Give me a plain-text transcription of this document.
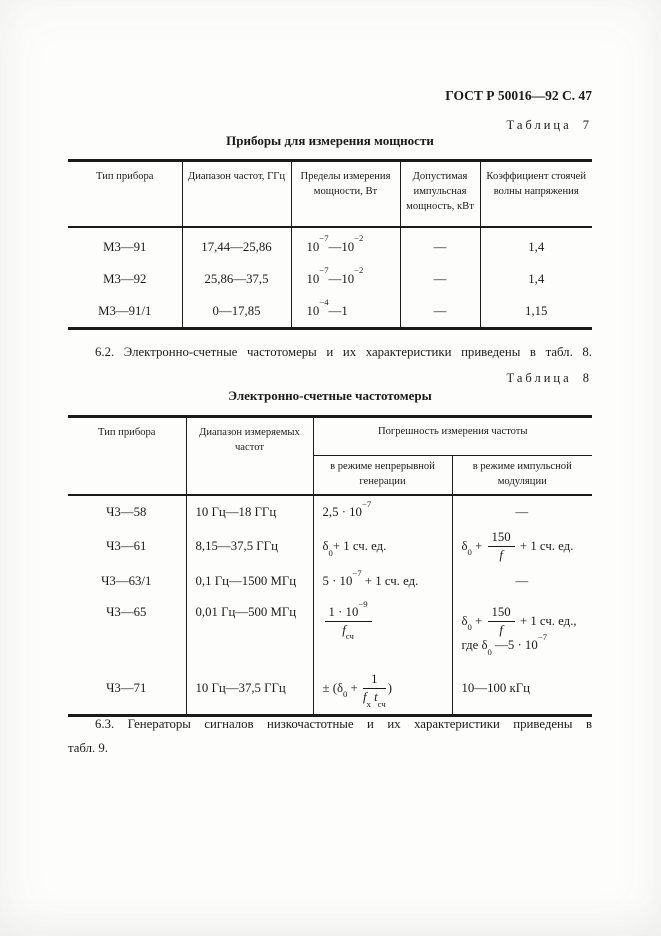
ГОСТ Р 50016—92 С. 47
Таблица 7
Приборы для измерения мощности
Тип прибора	Диапазон частот, ГГц	Пределы измерения мощности, Вт	Допустимая импульсная мощность, кВт	Коэффициент стоячей волны напряжения
М3—91	17,44—25,86	$10^{-7}—10^{-2}$	—	1,4
М3—92	25,86—37,5	$10^{-7}—10^{-2}$	—	1,4
М3—91/1	0—17,85	$10^{-4}—1$	—	1,15

6.2. Электронно-счетные частотомеры и их характеристики приведены в табл. 8.

Таблица 8
Электронно-счетные частотомеры
Тип прибора	Диапазон измеряемых частот	Погрешность измерения частоты	
		в режиме непрерывной генерации	в режиме импульсной модуляции
Ч3—58	10 Гц—18 ГГц	$2,5 \cdot 10^{-7}$	—
Ч3—61	8,15—37,5 ГГц	$\delta_0+ 1$ сч. ед.	$\delta_0 + \frac{150}{f} + 1$ сч. ед.
Ч3—63/1	0,1 Гц—1500 МГц	$5 \cdot 10^{-7} + 1$ сч. ед.	—
Ч3—65	0,01 Гц—500 МГц	$\frac{1 \cdot 10^{-9}}{f_{сч}}$	$\delta_0 + \frac{150}{f} + 1$ сч. ед.,
где $\delta_0$ —5 · $10^{-7}$
Ч3—71	10 Гц—37,5 ГГц	± ($\delta_0 + \frac{1}{f_х t_{сч}}$ )	10—100 кГц

6.3. Генераторы сигналов низкочастотные и их характеристики приведены в
табл. 9.
